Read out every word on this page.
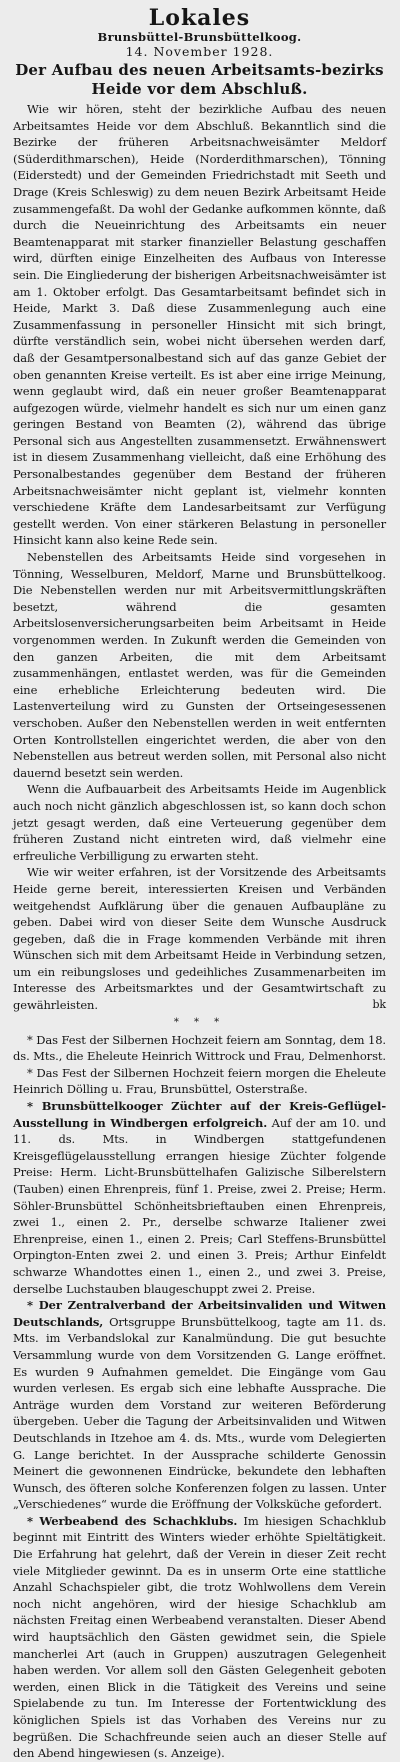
Lokales
Brunsbüttel-Brunsbüttelkoog.
14. November 1928.
Der Aufbau des neuen Arbeitsamts-bezirks Heide vor dem Abschluß.

Wie wir hören, steht der bezirkliche Aufbau des neuen Arbeitsamtes Heide vor dem Abschluß. Bekanntlich sind die Bezirke der früheren Arbeitsnachweisämter Meldorf (Süderdithmarschen), Heide (Norderdithmarschen), Tönning (Eiderstedt) und der Gemeinden Friedrichstadt mit Seeth und Drage (Kreis Schleswig) zu dem neuen Bezirk Arbeitsamt Heide zusammengefaßt. Da wohl der Gedanke aufkommen könnte, daß durch die Neueinrichtung des Arbeitsamts ein neuer Beamtenapparat mit starker finanzieller Belastung geschaffen wird, dürften einige Einzelheiten des Aufbaus von Interesse sein. Die Eingliederung der bisherigen Arbeitsnachweisämter ist am 1. Oktober erfolgt. Das Gesamtarbeitsamt befindet sich in Heide, Markt 3. Daß diese Zusammenlegung auch eine Zusammenfassung in personeller Hinsicht mit sich bringt, dürfte verständlich sein, wobei nicht übersehen werden darf, daß der Gesamtpersonalbestand sich auf das ganze Gebiet der oben genannten Kreise verteilt. Es ist aber eine irrige Meinung, wenn geglaubt wird, daß ein neuer großer Beamtenapparat aufgezogen würde, vielmehr handelt es sich nur um einen ganz geringen Bestand von Beamten (2), während das übrige Personal sich aus Angestellten zusammensetzt. Erwähnenswert ist in diesem Zusammenhang vielleicht, daß eine Erhöhung des Personalbestandes gegenüber dem Bestand der früheren Arbeitsnachweisämter nicht geplant ist, vielmehr konnten verschiedene Kräfte dem Landesarbeitsamt zur Verfügung gestellt werden. Von einer stärkeren Belastung in personeller Hinsicht kann also keine Rede sein.

Nebenstellen des Arbeitsamts Heide sind vorgesehen in Tönning, Wesselburen, Meldorf, Marne und Brunsbüttelkoog. Die Nebenstellen werden nur mit Arbeitsvermittlungskräften besetzt, während die gesamten Arbeitslosenversicherungsarbeiten beim Arbeitsamt in Heide vorgenommen werden. In Zukunft werden die Gemeinden von den ganzen Arbeiten, die mit dem Arbeitsamt zusammenhängen, entlastet werden, was für die Gemeinden eine erhebliche Erleichterung bedeuten wird. Die Lastenverteilung wird zu Gunsten der Ortseingesessenen verschoben. Außer den Nebenstellen werden in weit entfernten Orten Kontrollstellen eingerichtet werden, die aber von den Nebenstellen aus betreut werden sollen, mit Personal also nicht dauernd besetzt sein werden.

Wenn die Aufbauarbeit des Arbeitsamts Heide im Augenblick auch noch nicht gänzlich abgeschlossen ist, so kann doch schon jetzt gesagt werden, daß eine Verteuerung gegenüber dem früheren Zustand nicht eintreten wird, daß vielmehr eine erfreuliche Verbilligung zu erwarten steht.

Wie wir weiter erfahren, ist der Vorsitzende des Arbeitsamts Heide gerne bereit, interessierten Kreisen und Verbänden weitgehendst Aufklärung über die genauen Aufbaupläne zu geben. Dabei wird von dieser Seite dem Wunsche Ausdruck gegeben, daß die in Frage kommenden Verbände mit ihren Wünschen sich mit dem Arbeitsamt Heide in Verbindung setzen, um ein reibungsloses und gedeihliches Zusammenarbeiten im Interesse des Arbeitsmarktes und der Gesamtwirtschaft zu gewährleisten.	bk

* * *

* Das Fest der Silbernen Hochzeit feiern am Sonntag, dem 18. ds. Mts., die Eheleute Heinrich Wittrock und Frau, Delmenhorst.

* Das Fest der Silbernen Hochzeit feiern morgen die Eheleute Heinrich Dölling u. Frau, Brunsbüttel, Osterstraße.

* Brunsbüttelkooger Züchter auf der Kreis-Geflügel-Ausstellung in Windbergen erfolgreich. Auf der am 10. und 11. ds. Mts. in Windbergen stattgefundenen Kreisgeflügelausstellung errangen hiesige Züchter folgende Preise: Herm. Licht-Brunsbüttelhafen Galizische Silberelstern (Tauben) einen Ehrenpreis, fünf 1. Preise, zwei 2. Preise; Herm. Söhler-Brunsbüttel Schönheitsbrieftauben einen Ehrenpreis, zwei 1., einen 2. Pr., derselbe schwarze Italiener zwei Ehrenpreise, einen 1., einen 2. Preis; Carl Steffens-Brunsbüttel Orpington-Enten zwei 2. und einen 3. Preis; Arthur Einfeldt schwarze Whandottes einen 1., einen 2., und zwei 3. Preise, derselbe Luchstauben blaugeschuppt zwei 2. Preise.

* Der Zentralverband der Arbeitsinvaliden und Witwen Deutschlands, Ortsgruppe Brunsbüttelkoog, tagte am 11. ds. Mts. im Verbandslokal zur Kanalmündung. Die gut besuchte Versammlung wurde von dem Vorsitzenden G. Lange eröffnet. Es wurden 9 Aufnahmen gemeldet. Die Eingänge vom Gau wurden verlesen. Es ergab sich eine lebhafte Aussprache. Die Anträge wurden dem Vorstand zur weiteren Beförderung übergeben. Ueber die Tagung der Arbeitsinvaliden und Witwen Deutschlands in Itzehoe am 4. ds. Mts., wurde vom Delegierten G. Lange berichtet. In der Aussprache schilderte Genossin Meinert die gewonnenen Eindrücke, bekundete den lebhaften Wunsch, des öfteren solche Konferenzen folgen zu lassen. Unter „Verschiedenes“ wurde die Eröffnung der Volksküche gefordert.

* Werbeabend des Schachklubs. Im hiesigen Schachklub beginnt mit Eintritt des Winters wieder erhöhte Spieltätigkeit. Die Erfahrung hat gelehrt, daß der Verein in dieser Zeit recht viele Mitglieder gewinnt. Da es in unserm Orte eine stattliche Anzahl Schachspieler gibt, die trotz Wohlwollens dem Verein noch nicht angehören, wird der hiesige Schachklub am nächsten Freitag einen Werbeabend veranstalten. Dieser Abend wird hauptsächlich den Gästen gewidmet sein, die Spiele mancherlei Art (auch in Gruppen) auszutragen Gelegenheit haben werden. Vor allem soll den Gästen Gelegenheit geboten werden, einen Blick in die Tätigkeit des Vereins und seine Spielabende zu tun. Im Interesse der Fortentwicklung des königlichen Spiels ist das Vorhaben des Vereins nur zu begrüßen. Die Schachfreunde seien auch an dieser Stelle auf den Abend hingewiesen (s. Anzeige).
